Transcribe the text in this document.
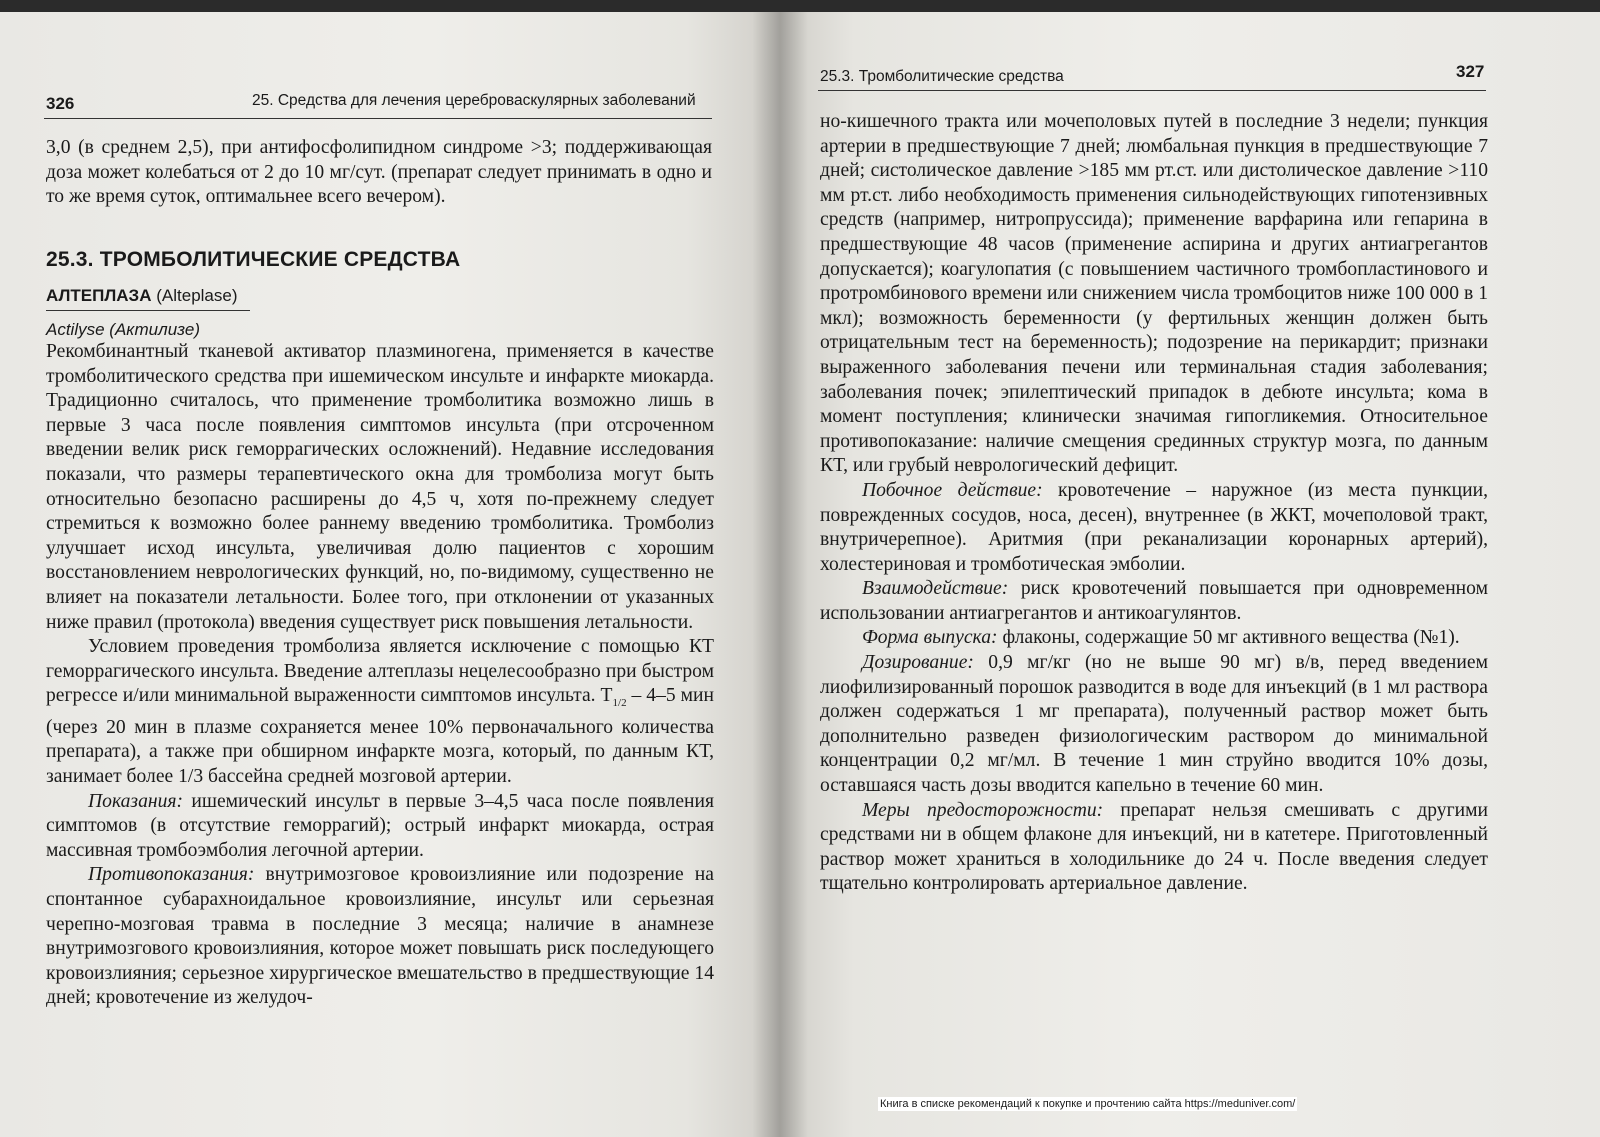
326	25. Средства для лечения цереброваскулярных заболеваний

3,0 (в среднем 2,5), при антифосфолипидном синдроме >3; поддерживающая доза может колебаться от 2 до 10 мг/сут. (препарат следует принимать в одно и то же время суток, оптимальнее всего вечером).

25.3. ТРОМБОЛИТИЧЕСКИЕ СРЕДСТВА
АЛТЕПЛАЗА (Alteplase)
Actilyse (Актилизе)

Рекомбинантный тканевой активатор плазминогена, применяется в качестве тромболитического средства при ишемическом инсульте и инфаркте миокарда. Традиционно считалось, что применение тромболитика возможно лишь в первые 3 часа после появления симптомов инсульта (при отсроченном введении велик риск геморрагических осложнений). Недавние исследования показали, что размеры терапевтического окна для тромболиза могут быть относительно безопасно расширены до 4,5 ч, хотя по-прежнему следует стремиться к возможно более раннему введению тромболитика. Тромболиз улучшает исход инсульта, увеличивая долю пациентов с хорошим восстановлением неврологических функций, но, по-видимому, существенно не влияет на показатели летальности. Более того, при отклонении от указанных ниже правил (протокола) введения существует риск повышения летальности.

Условием проведения тромболиза является исключение с помощью КТ геморрагического инсульта. Введение алтеплазы нецелесообразно при быстром регрессе и/или минимальной выраженности симптомов инсульта. $T_{1/2} - 4-5$ мин (через 20 мин в плазме сохраняется менее 10% первоначального количества препарата), а также при обширном инфаркте мозга, который, по данным КТ, занимает более 1/3 бассейна средней мозговой артерии.

Показания: ишемический инсульт в первые 3–4,5 часа после появления симптомов (в отсутствие геморрагий); острый инфаркт миокарда, острая массивная тромбоэмболия легочной артерии.

Противопоказания: внутримозговое кровоизлияние или подозрение на спонтанное субарахноидальное кровоизлияние, инсульт или серьезная черепно-мозговая травма в последние 3 месяца; наличие в анамнезе внутримозгового кровоизлияния, которое может повышать риск последующего кровоизлияния; серьезное хирургическое вмешательство в предшествующие 14 дней; кровотечение из желудоч-

25.3. Тромболитические средства	327

но-кишечного тракта или мочеполовых путей в последние 3 недели; пункция артерии в предшествующие 7 дней; люмбальная пункция в предшествующие 7 дней; систолическое давление >185 мм рт.ст. или дистолическое давление >110 мм рт.ст. либо необходимость применения сильнодействующих гипотензивных средств (например, нитропруссида); применение варфарина или гепарина в предшествующие 48 часов (применение аспирина и других антиагрегантов допускается); коагулопатия (с повышением частичного тромбопластинового и протромбинового времени или снижением числа тромбоцитов ниже 100 000 в 1 мкл); возможность беременности (у фертильных женщин должен быть отрицательным тест на беременность); подозрение на перикардит; признаки выраженного заболевания печени или терминальная стадия заболевания; заболевания почек; эпилептический припадок в дебюте инсульта; кома в момент поступления; клинически значимая гипогликемия. Относительное противопоказание: наличие смещения срединных структур мозга, по данным КТ, или грубый неврологический дефицит.

Побочное действие: кровотечение – наружное (из места пункции, поврежденных сосудов, носа, десен), внутреннее (в ЖКТ, мочеполовой тракт, внутричерепное). Аритмия (при реканализации коронарных артерий), холестериновая и тромботическая эмболии.

Взаимодействие: риск кровотечений повышается при одновременном использовании антиагрегантов и антикоагулянтов.

Форма выпуска: флаконы, содержащие 50 мг активного вещества (№1).

Дозирование: 0,9 мг/кг (но не выше 90 мг) в/в, перед введением лиофилизированный порошок разводится в воде для инъекций (в 1 мл раствора должен содержаться 1 мг препарата), полученный раствор может быть дополнительно разведен физиологическим раствором до минимальной концентрации 0,2 мг/мл. В течение 1 мин струйно вводится 10% дозы, оставшаяся часть дозы вводится капельно в течение 60 мин.

Меры предосторожности: препарат нельзя смешивать с другими средствами ни в общем флаконе для инъекций, ни в катетере. Приготовленный раствор может храниться в холодильнике до 24 ч. После введения следует тщательно контролировать артериальное давление.

Книга в списке рекомендаций к покупке и прочтению сайта https://meduniver.com/
